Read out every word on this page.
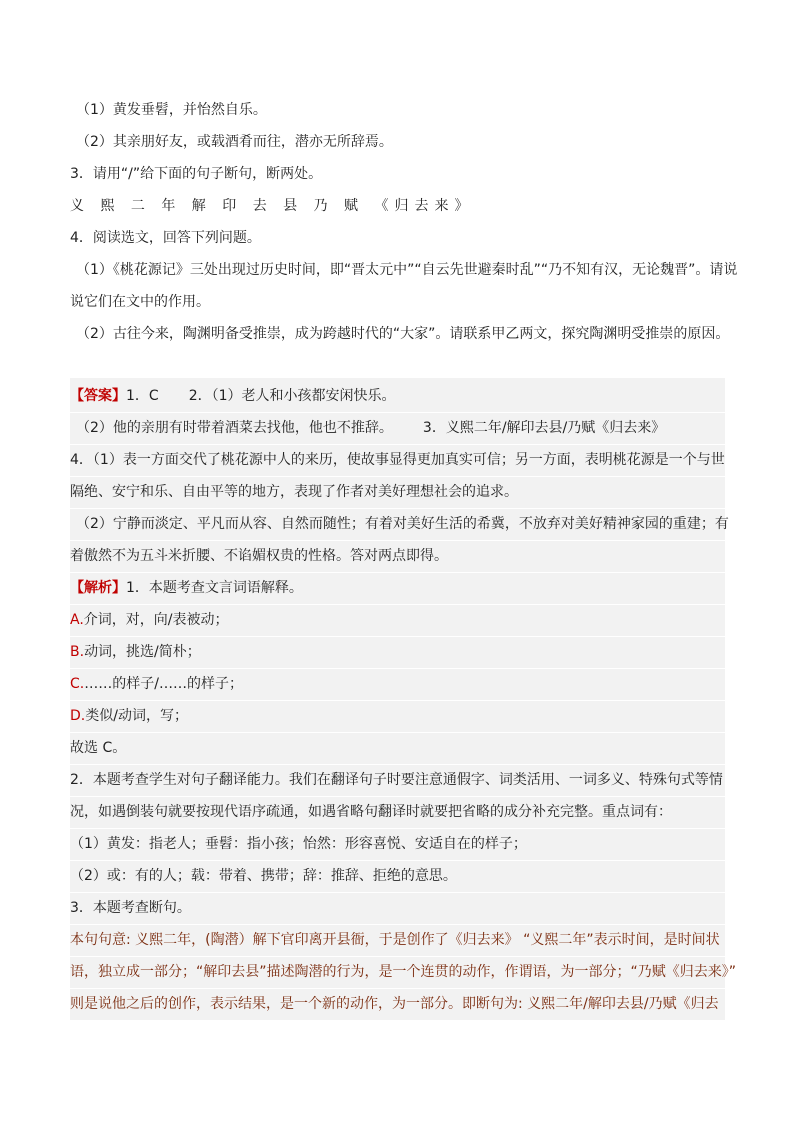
（1）黄发垂髫，并怡然自乐。
（2）其亲朋好友，或载酒肴而往，潜亦无所辞焉。
3．请用“/”给下面的句子断句，断两处。
义 熙 二 年 解 印 去 县 乃 赋 《归去来》
4．阅读选文，回答下列问题。
（1）《桃花源记》三处出现过历史时间，即“晋太元中”“自云先世避秦时乱”“乃不知有汉，无论魏晋”。请说
说它们在文中的作用。
（2）古往今来，陶渊明备受推崇，成为跨越时代的“大家”。请联系甲乙两文，探究陶渊明受推崇的原因。
【答案】1．C 2．（1）老人和小孩都安闲快乐。
（2）他的亲朋有时带着酒菜去找他，他也不推辞。 3．义熙二年/解印去县/乃赋《归去来》
4．（1）表一方面交代了桃花源中人的来历，使故事显得更加真实可信；另一方面，表明桃花源是一个与世
隔绝、安宁和乐、自由平等的地方，表现了作者对美好理想社会的追求。
（2）宁静而淡定、平凡而从容、自然而随性；有着对美好生活的希冀，不放弃对美好精神家园的重建；有
着傲然不为五斗米折腰、不谄媚权贵的性格。答对两点即得。
【解析】1．本题考查文言词语解释。
A.介词，对，向/表被动；
B.动词，挑选/简朴；
C.……的样子/……的样子；
D.类似/动词，写；
故选 C。
2．本题考查学生对句子翻译能力。我们在翻译句子时要注意通假字、词类活用、一词多义、特殊句式等情
况，如遇倒装句就要按现代语序疏通，如遇省略句翻译时就要把省略的成分补充完整。重点词有：
（1）黄发：指老人；垂髫：指小孩；怡然：形容喜悦、安适自在的样子；
（2）或：有的人；载：带着、携带；辞：推辞、拒绝的意思。
3．本题考查断句。
本句句意: 义熙二年，(陶潜）解下官印离开县衙，于是创作了《归去来》 “义熙二年”表示时间，是时间状
语，独立成一部分；“解印去县”描述陶潜的行为，是一个连贯的动作，作谓语，为一部分；“乃赋《归去来》”
则是说他之后的创作，表示结果，是一个新的动作，为一部分。即断句为: 义熙二年/解印去县/乃赋《归去
